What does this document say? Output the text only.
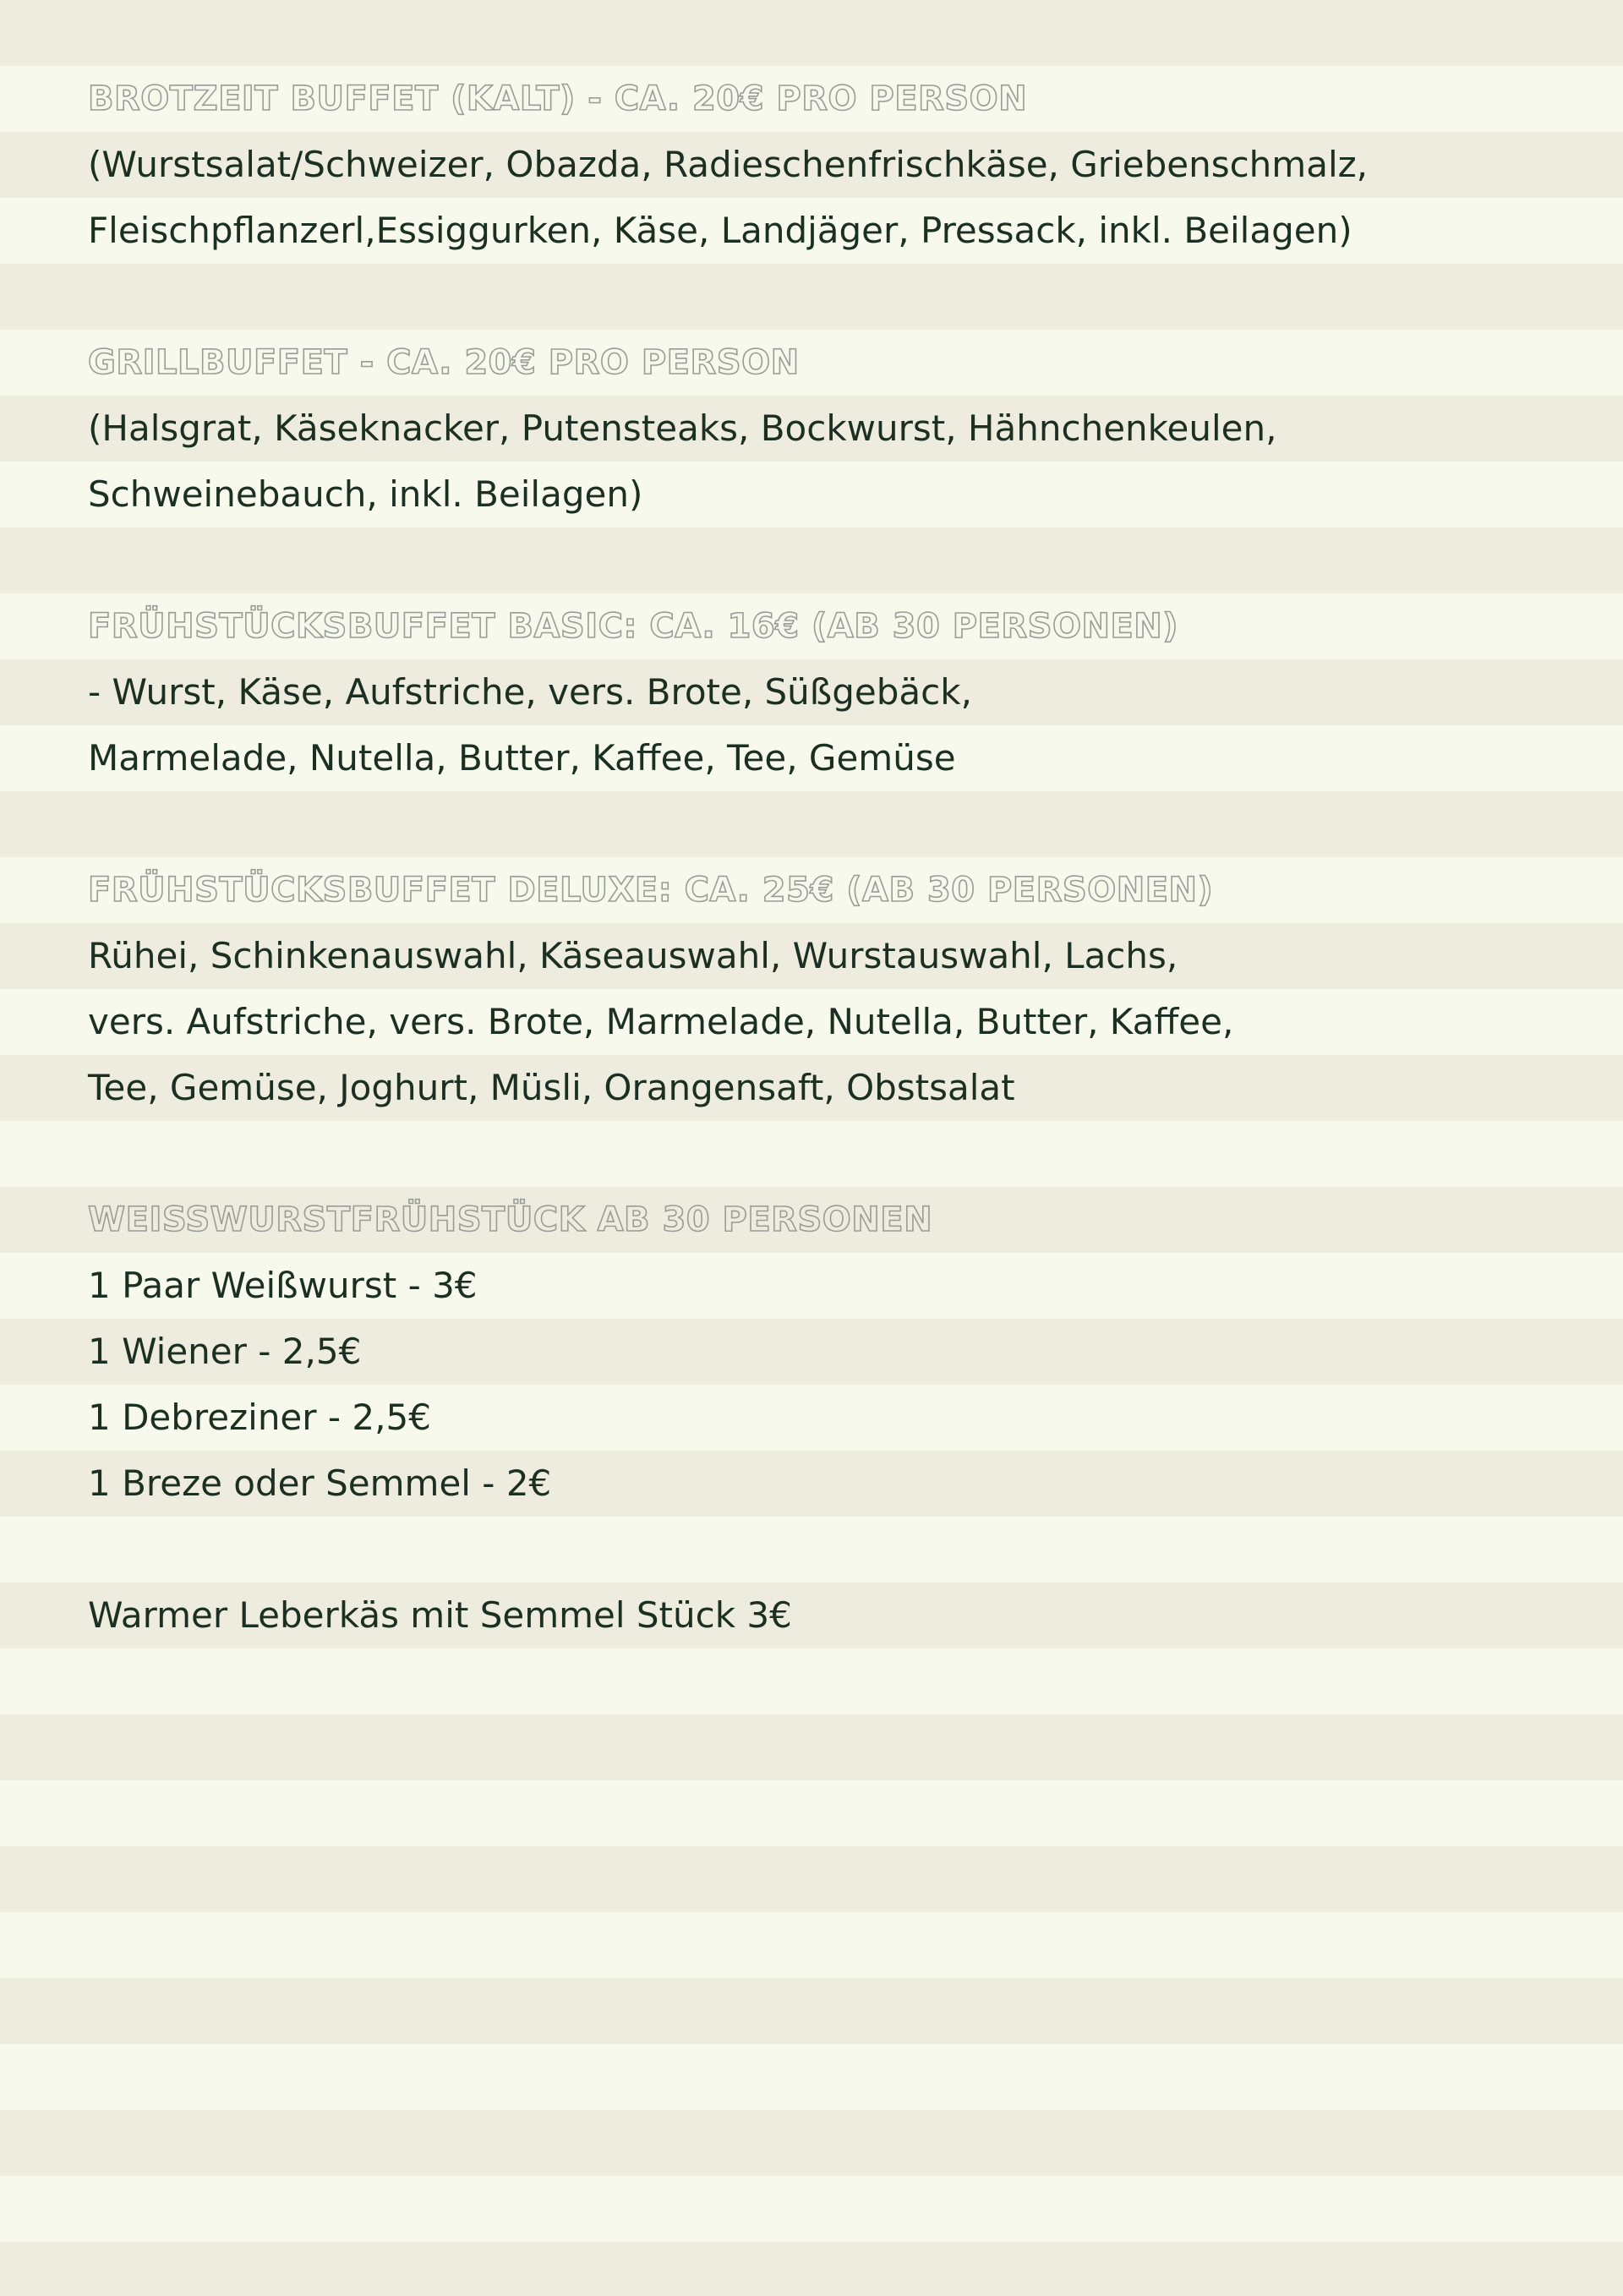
BROTZEIT BUFFET (KALT) - CA. 20€ PRO PERSON
(Wurstsalat/Schweizer, Obazda, Radieschenfrischkäse, Griebenschmalz,
Fleischpflanzerl,Essiggurken, Käse, Landjäger, Pressack, inkl. Beilagen)
GRILLBUFFET - CA. 20€ PRO PERSON
(Halsgrat, Käseknacker, Putensteaks, Bockwurst, Hähnchenkeulen,
Schweinebauch, inkl. Beilagen)
FRÜHSTÜCKSBUFFET BASIC: CA. 16€ (AB 30 PERSONEN)
- Wurst, Käse, Aufstriche, vers. Brote, Süßgebäck,
Marmelade, Nutella, Butter, Kaffee, Tee, Gemüse
FRÜHSTÜCKSBUFFET DELUXE: CA. 25€ (AB 30 PERSONEN)
Rühei, Schinkenauswahl, Käseauswahl, Wurstauswahl, Lachs,
vers. Aufstriche, vers. Brote, Marmelade, Nutella, Butter, Kaffee,
Tee, Gemüse, Joghurt, Müsli, Orangensaft, Obstsalat
WEISSWURSTFRÜHSTÜCK AB 30 PERSONEN
1 Paar Weißwurst - 3€
1 Wiener - 2,5€
1 Debreziner - 2,5€
1 Breze oder Semmel - 2€
Warmer Leberkäs mit Semmel Stück 3€
